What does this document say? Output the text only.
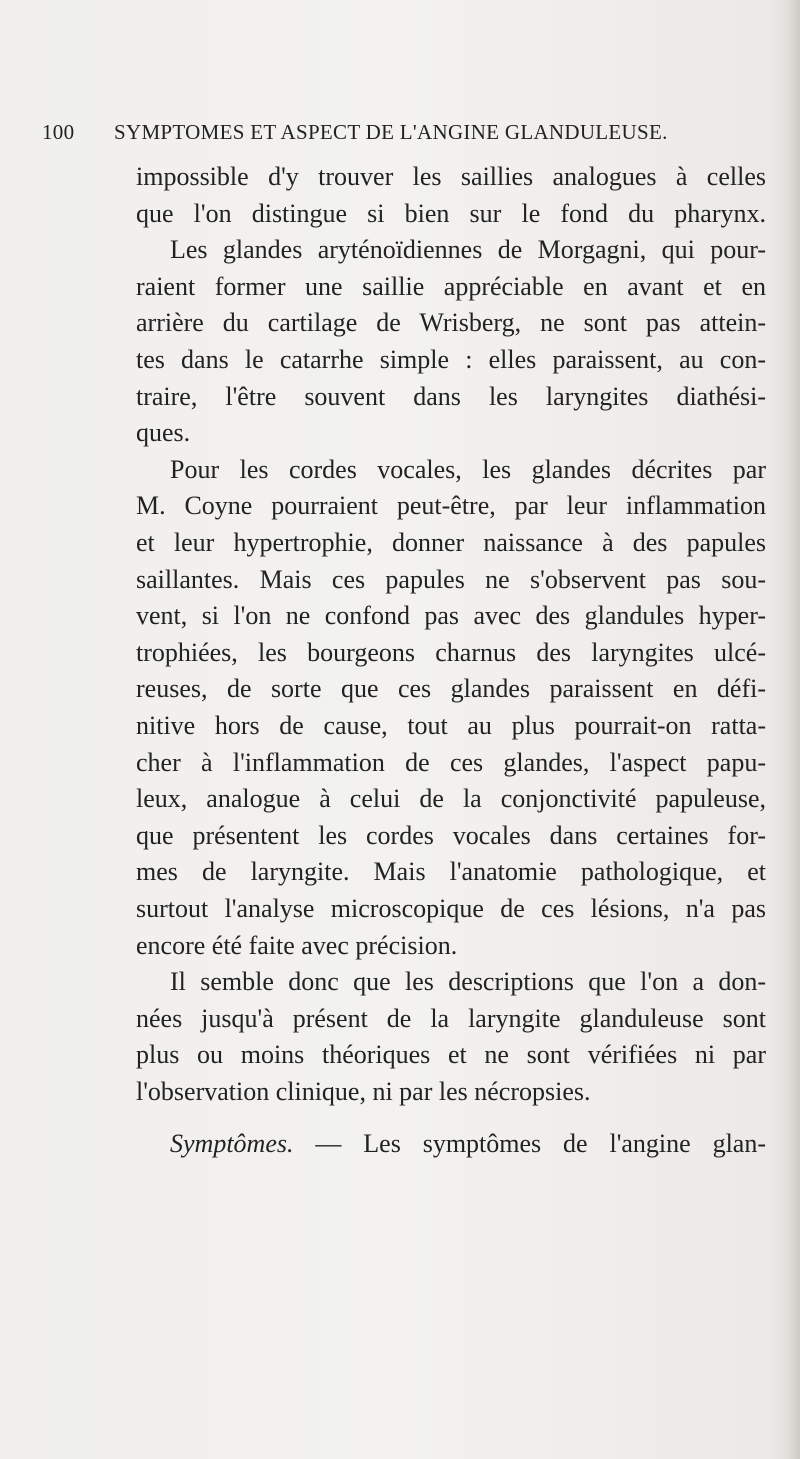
100 SYMPTOMES ET ASPECT DE L'ANGINE GLANDULEUSE.
impossible d'y trouver les saillies analogues à celles
que l'on distingue si bien sur le fond du pharynx.
Les glandes aryténoïdiennes de Morgagni, qui pour-
raient former une saillie appréciable en avant et en
arrière du cartilage de Wrisberg, ne sont pas attein-
tes dans le catarrhe simple : elles paraissent, au con-
traire, l'être souvent dans les laryngites diathési-
ques.
Pour les cordes vocales, les glandes décrites par
M. Coyne pourraient peut-être, par leur inflammation
et leur hypertrophie, donner naissance à des papules
saillantes. Mais ces papules ne s'observent pas sou-
vent, si l'on ne confond pas avec des glandules hyper-
trophiées, les bourgeons charnus des laryngites ulcé-
reuses, de sorte que ces glandes paraissent en défi-
nitive hors de cause, tout au plus pourrait-on ratta-
cher à l'inflammation de ces glandes, l'aspect papu-
leux, analogue à celui de la conjonctivité papuleuse,
que présentent les cordes vocales dans certaines for-
mes de laryngite. Mais l'anatomie pathologique, et
surtout l'analyse microscopique de ces lésions, n'a pas
encore été faite avec précision.
Il semble donc que les descriptions que l'on a don-
nées jusqu'à présent de la laryngite glanduleuse sont
plus ou moins théoriques et ne sont vérifiées ni par
l'observation clinique, ni par les nécropsies.
Symptômes. — Les symptômes de l'angine glan-
